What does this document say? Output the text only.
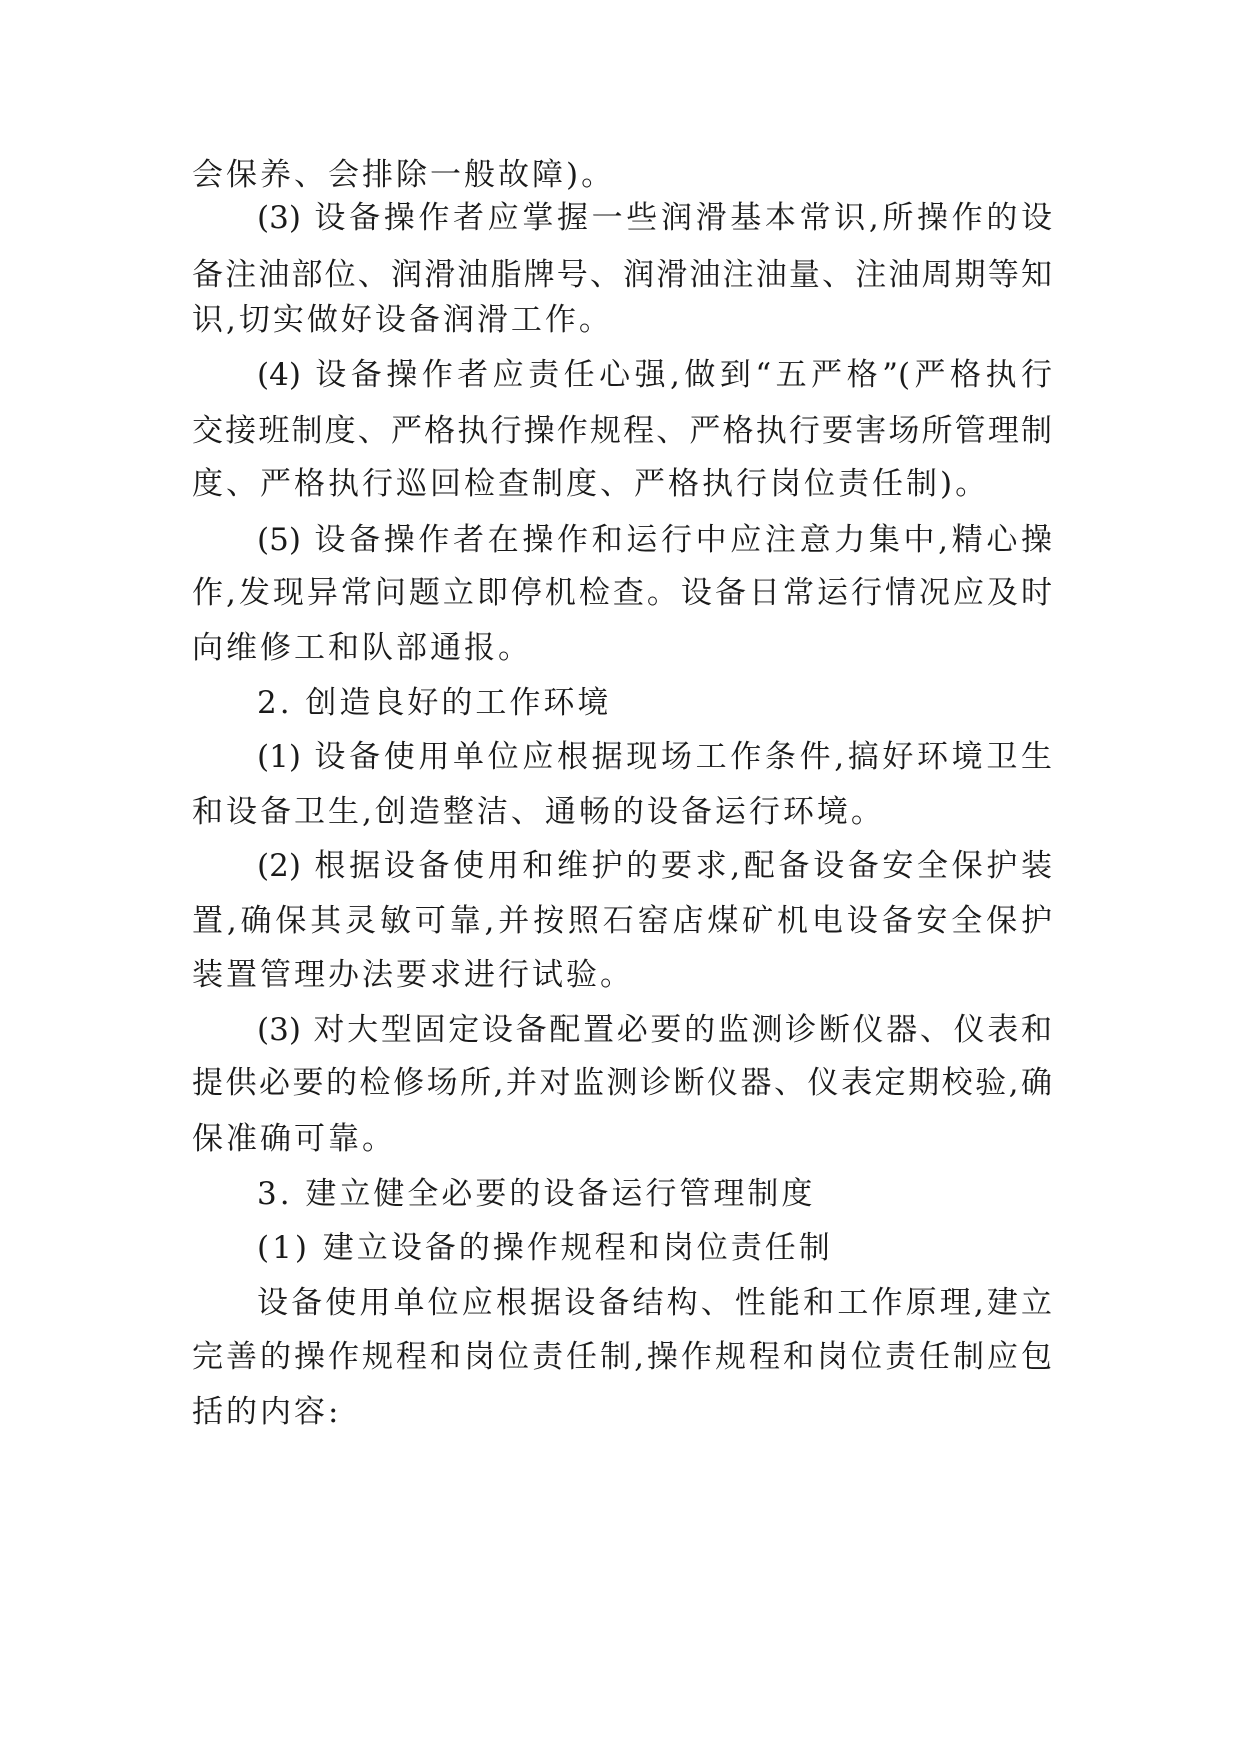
会保养、会排除一般故障)。
(3) 设备操作者应掌握一些润滑基本常识,所操作的设
备注油部位、润滑油脂牌号、润滑油注油量、注油周期等知
识,切实做好设备润滑工作。
(4) 设备操作者应责任心强,做到“五严格”(严格执行
交接班制度、严格执行操作规程、严格执行要害场所管理制
度、严格执行巡回检查制度、严格执行岗位责任制)。
(5) 设备操作者在操作和运行中应注意力集中,精心操
作,发现异常问题立即停机检查。设备日常运行情况应及时
向维修工和队部通报。
2. 创造良好的工作环境
(1) 设备使用单位应根据现场工作条件,搞好环境卫生
和设备卫生,创造整洁、通畅的设备运行环境。
(2) 根据设备使用和维护的要求,配备设备安全保护装
置,确保其灵敏可靠,并按照石窑店煤矿机电设备安全保护
装置管理办法要求进行试验。
(3) 对大型固定设备配置必要的监测诊断仪器、仪表和
提供必要的检修场所,并对监测诊断仪器、仪表定期校验,确
保准确可靠。
3. 建立健全必要的设备运行管理制度
(1) 建立设备的操作规程和岗位责任制
设备使用单位应根据设备结构、性能和工作原理,建立
完善的操作规程和岗位责任制,操作规程和岗位责任制应包
括的内容:
